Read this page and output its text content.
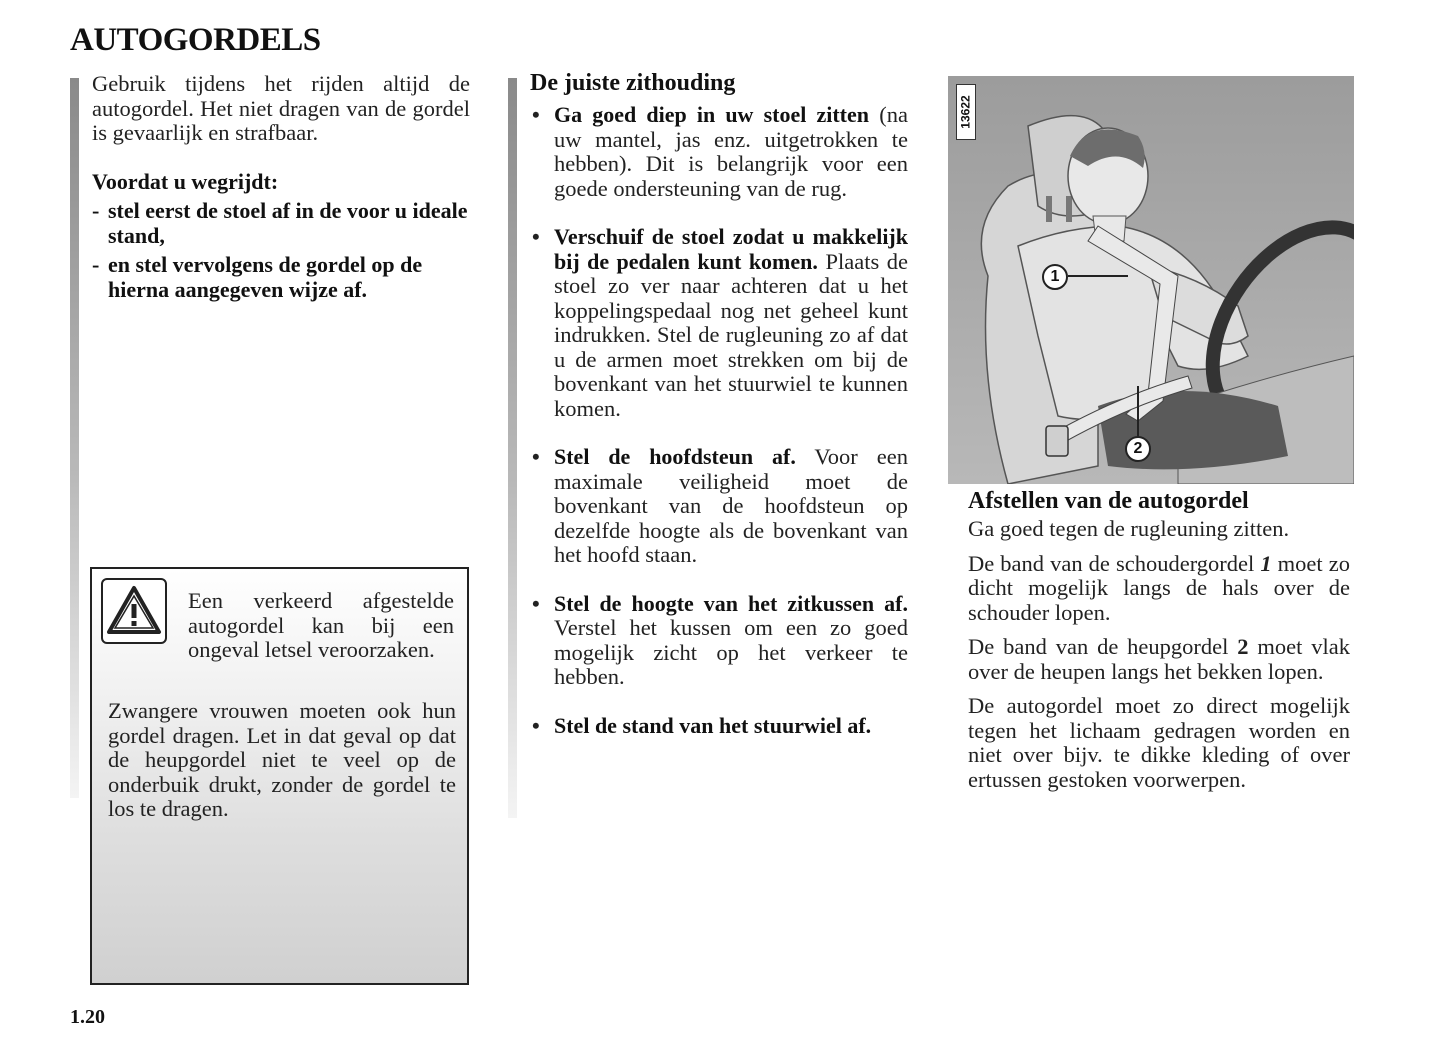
AUTOGORDELS

Gebruik tijdens het rijden altijd de autogordel. Het niet dragen van de gordel is gevaarlijk en strafbaar.

Voordat u wegrijdt:

- stel eerst de stoel af in de voor u ideale stand,
- en stel vervolgens de gordel op de hierna aangegeven wijze af.

Een verkeerd afgestelde autogordel kan bij een ongeval letsel veroorzaken.

Zwangere vrouwen moeten ook hun gordel dragen. Let in dat geval op dat de heupgordel niet te veel op de onderbuik drukt, zonder de gordel te los te dragen.

De juiste zithouding
• Ga goed diep in uw stoel zitten (na uw mantel, jas enz. uitgetrokken te hebben). Dit is belangrijk voor een goede ondersteuning van de rug.
• Verschuif de stoel zodat u makkelijk bij de pedalen kunt komen. Plaats de stoel zo ver naar achteren dat u het koppelingspedaal nog net geheel kunt indrukken. Stel de rugleuning zo af dat u de armen moet strekken om bij de bovenkant van het stuurwiel te kunnen komen.
• Stel de hoofdsteun af. Voor een maximale veiligheid moet de bovenkant van de hoofdsteun op dezelfde hoogte als de bovenkant van het hoofd staan.
• Stel de hoogte van het zitkussen af. Verstel het kussen om een zo goed mogelijk zicht op het verkeer te hebben.
• Stel de stand van het stuurwiel af.
13622
1
2
Afstellen van de autogordel

Ga goed tegen de rugleuning zitten.

De band van de schoudergordel 1 moet zo dicht mogelijk langs de hals over de schouder lopen.

De band van de heupgordel 2 moet vlak over de heupen langs het bekken lopen.

De autogordel moet zo direct mogelijk tegen het lichaam gedragen worden en niet over bijv. te dikke kleding of over ertussen gestoken voorwerpen.

1.20
